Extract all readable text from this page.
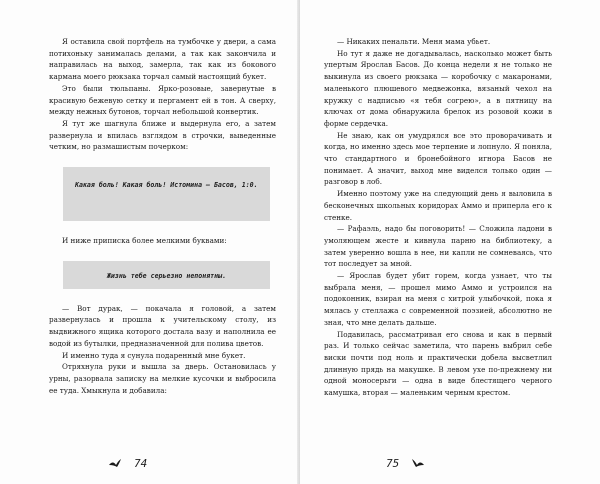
Я оставила свой портфель на тумбочке у двери, а сама потихоньку занималась делами, а так как закончила и направилась на выход, замерла, так как из бокового кармана моего рюкзака торчал самый настоящий букет.

Это были тюльпаны. Ярко-розовые, завернутые в красивую бежевую сетку и пергамент ей в тон. А сверху, между нежных бутонов, торчал небольшой конвертик.

Я тут же шагнула ближе и выдернула его, а затем развернула и впилась взглядом в строчки, выведенные четким, но размашистым почерком:

Какая боль! Какая боль! Истомина – Басов, 1:0.

И ниже приписка более мелкими буквами:

Жизнь тебе серьезно непонятны.

— Вот дурак, — покачала я головой, а затем развернулась и прошла к учительскому столу, из выдвижного ящика которого достала вазу и наполнила ее водой из бутылки, предназначенной для полива цветов.

И именно туда я сунула подаренный мне букет.

Отряхнула руки и вышла за дверь. Остановилась у урны, разорвала записку на мелкие кусочки и выбросила ее туда. Хмыкнула и добавила:

74

— Никаких пенальти. Меня мама убьет.

Но тут я даже не догадывалась, насколько может быть упертым Ярослав Басов. До конца недели я не только не выкинула из своего рюкзака — коробочку с макаронами, маленького плюшевого медвежонка, вязаный чехол на кружку с надписью «я тебя согрею», а в пятницу на ключах от дома обнаружила брелок из розовой кожи в форме сердечка.

Не знаю, как он умудрялся все это проворачивать и когда, но именно здесь мое терпение и лопнуло. Я поняла, что стандартного и бронебойного игнора Басов не понимает. А значит, выход мне виделся только один — разговор в лоб.

Именно поэтому уже на следующий день я выловила в бесконечных школьных коридорах Аммо и приперла его к стенке.

— Рафаэль, надо бы поговорить! — Сложила ладони в умоляющем жесте и кивнула парню на библиотеку, а затем уверенно вошла в нее, ни капли не сомневаясь, что тот последует за мной.

— Ярослав будет убит горем, когда узнает, что ты выбрала меня, — прошел мимо Аммо и устроился на подоконник, взирая на меня с хитрой улыбочкой, пока я мялась у стеллажа с современной поэзией, абсолютно не зная, что мне делать дальше.

Подавилась, рассматривая его снова и как в первый раз. И только сейчас заметила, что парень выбрил себе виски почти под ноль и практически добела высветлил длинную прядь на макушке. В левом ухе по-прежнему ни одной моносерьги — одна в виде блестящего черного камушка, вторая — маленьким черным крестом.

75
